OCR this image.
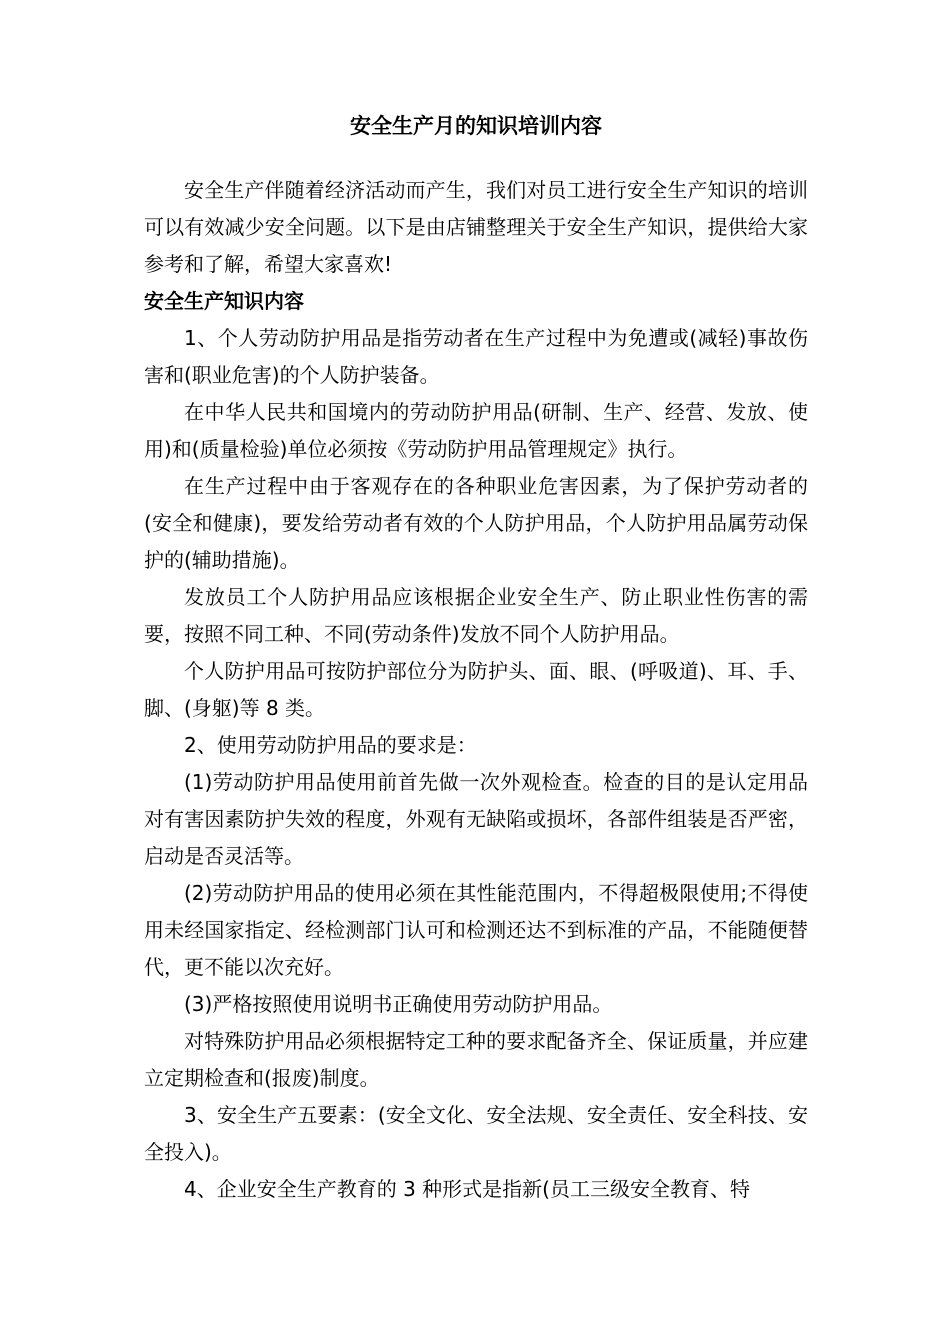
安全生产月的知识培训内容

安全生产伴随着经济活动而产生，我们对员工进行安全生产知识的培训可以有效减少安全问题。以下是由店铺整理关于安全生产知识，提供给大家参考和了解，希望大家喜欢!

安全生产知识内容

1、个人劳动防护用品是指劳动者在生产过程中为免遭或(减轻)事故伤害和(职业危害)的个人防护装备。

在中华人民共和国境内的劳动防护用品(研制、生产、经营、发放、使用)和(质量检验)单位必须按《劳动防护用品管理规定》执行。

在生产过程中由于客观存在的各种职业危害因素，为了保护劳动者的(安全和健康)，要发给劳动者有效的个人防护用品，个人防护用品属劳动保护的(辅助措施)。

发放员工个人防护用品应该根据企业安全生产、防止职业性伤害的需要，按照不同工种、不同(劳动条件)发放不同个人防护用品。

个人防护用品可按防护部位分为防护头、面、眼、(呼吸道)、耳、手、脚、(身躯)等 8 类。

2、使用劳动防护用品的要求是：

(1)劳动防护用品使用前首先做一次外观检查。检查的目的是认定用品对有害因素防护失效的程度，外观有无缺陷或损坏，各部件组装是否严密，启动是否灵活等。

(2)劳动防护用品的使用必须在其性能范围内，不得超极限使用;不得使用未经国家指定、经检测部门认可和检测还达不到标准的产品，不能随便替代，更不能以次充好。

(3)严格按照使用说明书正确使用劳动防护用品。

对特殊防护用品必须根据特定工种的要求配备齐全、保证质量，并应建立定期检查和(报废)制度。

3、安全生产五要素：(安全文化、安全法规、安全责任、安全科技、安全投入)。

4、企业安全生产教育的 3 种形式是指新(员工三级安全教育、特
